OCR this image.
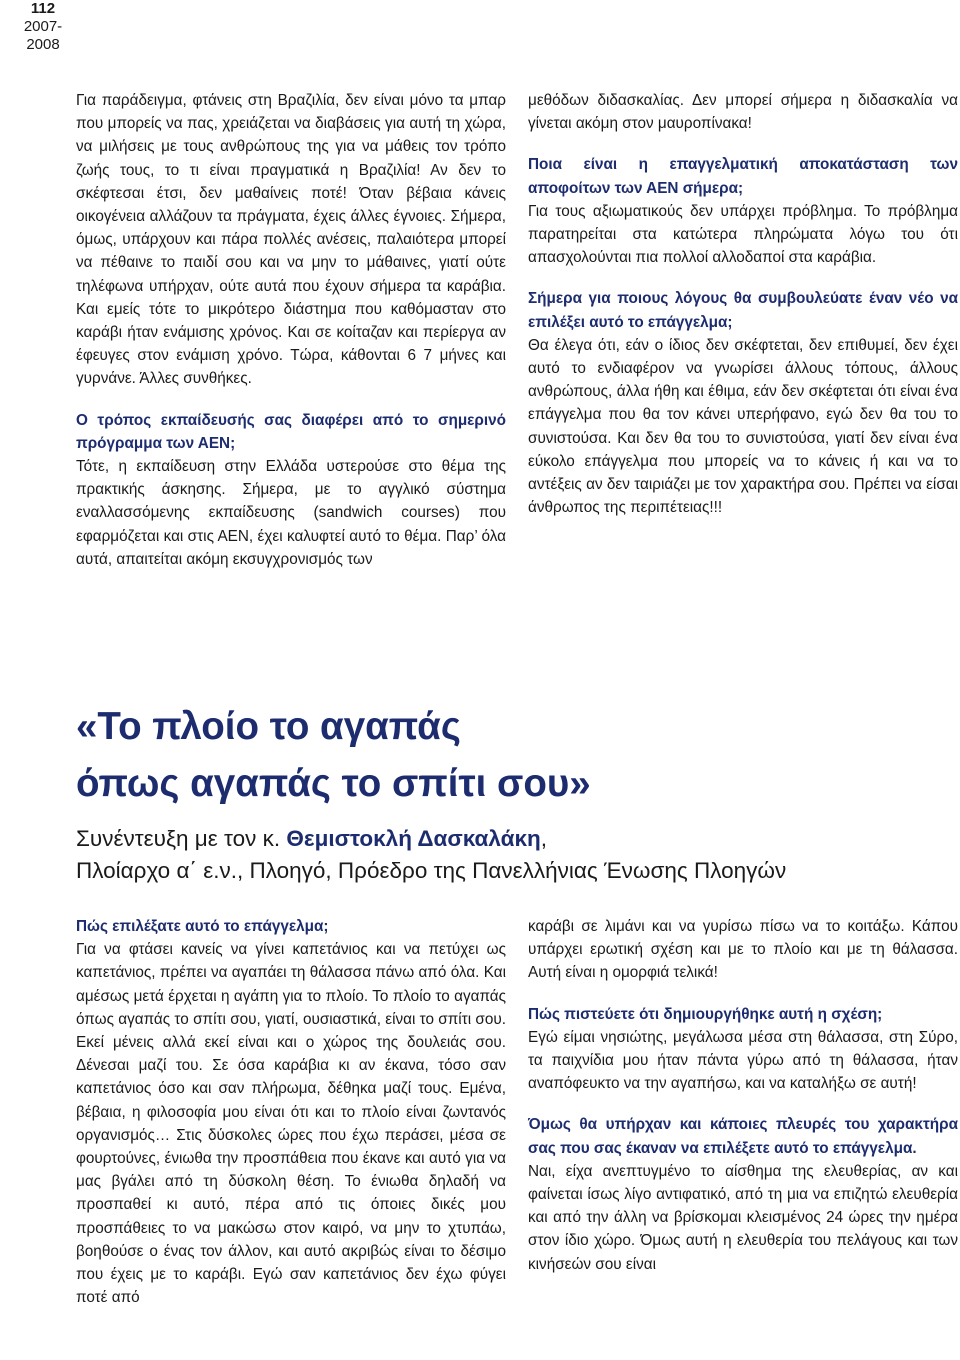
112
2007-2008

Για παράδειγμα, φτάνεις στη Βραζιλία, δεν είναι μόνο τα μπαρ που μπορείς να πας, χρειάζεται να διαβάσεις για αυτή τη χώρα, να μιλήσεις με τους ανθρώπους της για να μάθεις τον τρόπο ζωής τους, το τι είναι πραγματικά η Βραζιλία! Αν δεν το σκέφτεσαι έτσι, δεν μαθαίνεις ποτέ! Όταν βέβαια κάνεις οικογένεια αλλάζουν τα πράγματα, έχεις άλλες έγνοιες. Σήμερα, όμως, υπάρχουν και πάρα πολλές ανέσεις, παλαιότερα μπορεί να πέθαινε το παιδί σου και να μην το μάθαινες, γιατί ούτε τηλέφωνα υπήρχαν, ούτε αυτά που έχουν σήμερα τα καράβια. Και εμείς τότε το μικρότερο διάστημα που καθόμασταν στο καράβι ήταν ενάμισης χρόνος. Και σε κοίταζαν και περίεργα αν έφευγες στον ενάμιση χρόνο. Τώρα, κάθονται 6 7 μήνες και γυρνάνε. Άλλες συνθήκες.

Ο τρόπος εκπαίδευσής σας διαφέρει από το σημερινό πρόγραμμα των ΑΕΝ;

Τότε, η εκπαίδευση στην Ελλάδα υστερούσε στο θέμα της πρακτικής άσκησης. Σήμερα, με το αγγλικό σύστημα εναλλασσόμενης εκπαίδευσης (sandwich courses) που εφαρμόζεται και στις ΑΕΝ, έχει καλυφτεί αυτό το θέμα. Παρ’ όλα αυτά, απαιτείται ακόμη εκσυγχρονισμός των

μεθόδων διδασκαλίας. Δεν μπορεί σήμερα η διδασκαλία να γίνεται ακόμη στον μαυροπίνακα!

Ποια είναι η επαγγελματική αποκατάσταση των αποφοίτων των ΑΕΝ σήμερα;

Για τους αξιωματικούς δεν υπάρχει πρόβλημα. Το πρόβλημα παρατηρείται στα κατώτερα πληρώματα λόγω του ότι απασχολούνται πια πολλοί αλλοδαποί στα καράβια.

Σήμερα για ποιους λόγους θα συμβουλεύατε έναν νέο να επιλέξει αυτό το επάγγελμα;

Θα έλεγα ότι, εάν ο ίδιος δεν σκέφτεται, δεν επιθυμεί, δεν έχει αυτό το ενδιαφέρον να γνωρίσει άλλους τόπους, άλλους ανθρώπους, άλλα ήθη και έθιμα, εάν δεν σκέφτεται ότι είναι ένα επάγγελμα που θα τον κάνει υπερήφανο, εγώ δεν θα του το συνιστούσα. Και δεν θα του το συνιστούσα, γιατί δεν είναι ένα εύκολο επάγγελμα που μπορείς να το κάνεις ή και να το αντέξεις αν δεν ταιριάζει με τον χαρακτήρα σου. Πρέπει να είσαι άνθρωπος της περιπέτειας!!!

«Το πλοίο το αγαπάς
όπως αγαπάς το σπίτι σου»
Συνέντευξη με τον κ. Θεμιστοκλή Δασκαλάκη,
Πλοίαρχο α΄ ε.ν., Πλοηγό, Πρόεδρο της Πανελλήνιας Ένωσης Πλοηγών

Πώς επιλέξατε αυτό το επάγγελμα;

Για να φτάσει κανείς να γίνει καπετάνιος και να πετύχει ως καπετάνιος, πρέπει να αγαπάει τη θάλασσα πάνω από όλα. Και αμέσως μετά έρχεται η αγάπη για το πλοίο. Το πλοίο το αγαπάς όπως αγαπάς το σπίτι σου, γιατί, ουσιαστικά, είναι το σπίτι σου. Εκεί μένεις αλλά εκεί είναι και ο χώρος της δουλειάς σου. Δένεσαι μαζί του. Σε όσα καράβια κι αν έκανα, τόσο σαν καπετάνιος όσο και σαν πλήρωμα, δέθηκα μαζί τους. Εμένα, βέβαια, η φιλοσοφία μου είναι ότι και το πλοίο είναι ζωντανός οργανισμός… Στις δύσκολες ώρες που έχω περάσει, μέσα σε φουρτούνες, ένιωθα την προσπάθεια που έκανε και αυτό για να μας βγάλει από τη δύσκολη θέση. Το ένιωθα δηλαδή να προσπαθεί κι αυτό, πέρα από τις όποιες δικές μου προσπάθειες το να μακώσω στον καιρό, να μην το χτυπάω, βοηθούσε ο ένας τον άλλον, και αυτό ακριβώς είναι το δέσιμο που έχεις με το καράβι. Εγώ σαν καπετάνιος δεν έχω φύγει ποτέ από

καράβι σε λιμάνι και να γυρίσω πίσω να το κοιτάξω. Κάπου υπάρχει ερωτική σχέση και με το πλοίο και με τη θάλασσα. Αυτή είναι η ομορφιά τελικά!

Πώς πιστεύετε ότι δημιουργήθηκε αυτή η σχέση;

Εγώ είμαι νησιώτης, μεγάλωσα μέσα στη θάλασσα, στη Σύρο, τα παιχνίδια μου ήταν πάντα γύρω από τη θάλασσα, ήταν αναπόφευκτο να την αγαπήσω, και να καταλήξω σε αυτή!

Όμως θα υπήρχαν και κάποιες πλευρές του χαρακτήρα σας που σας έκαναν να επιλέξετε αυτό το επάγγελμα.

Ναι, είχα ανεπτυγμένο το αίσθημα της ελευθερίας, αν και φαίνεται ίσως λίγο αντιφατικό, από τη μια να επιζητώ ελευθερία και από την άλλη να βρίσκομαι κλεισμένος 24 ώρες την ημέρα στον ίδιο χώρο. Όμως αυτή η ελευθερία του πελάγους και των κινήσεών σου είναι
